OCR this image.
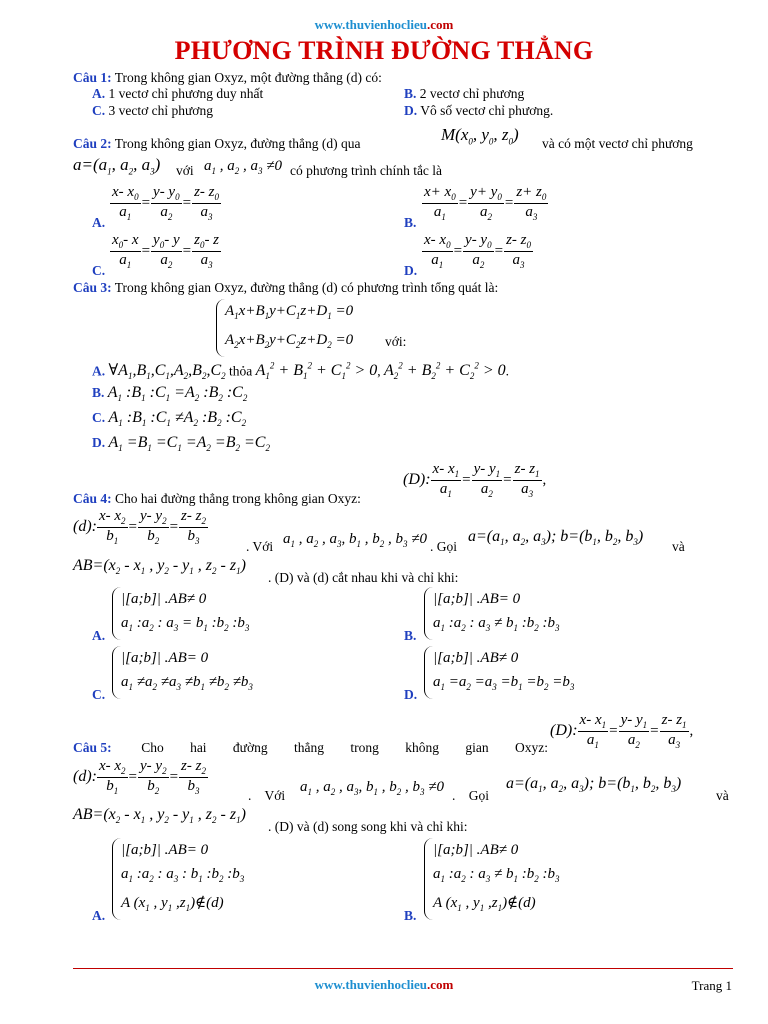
www.thuvienhoclieu.com
PHƯƠNG TRÌNH ĐƯỜNG THẲNG
Câu 1: Trong không gian Oxyz, một đường thẳng (d) có:
A. 1 vectơ chỉ phương duy nhất	B. 2 vectơ chỉ phương
C. 3 vectơ chỉ phương	D. Vô số vectơ chỉ phương.
Câu 2: Trong không gian Oxyz, đường thẳng (d) qua	$M(x_0$, $y_0$, $z_0$) và có một vectơ chỉ phương
$a=(a_1$, $a_2$, $a_3$) với $a_1$ , $a_2$ , $a_3 \ne 0$ có phương trình chính tắc là
A.
$\frac{x- x_0}{a_1} = \frac{y- y_0}{a_2} = \frac{z- z_0}{a_3}$
B.
$\frac{x+ x_0}{a_1} = \frac{y+ y_0}{a_2} = \frac{z+ z_0}{a_3}$
C.
$\frac{x_0- x}{a_1} = \frac{y_0- y}{a_2} = \frac{z_0- z}{a_3}$
D.
$\frac{x- x_0}{a_1} = \frac{y- y_0}{a_2} = \frac{z- z_0}{a_3}$
Câu 3: Trong không gian Oxyz, đường thẳng (d) có phương trình tổng quát là:
$A_1x+B_1y+C_1z+D_1 =0$
$A_2x+B_2y+C_2z+D_2 =0$ với:
A. $\forall A_1,B_1,C_1,A_2,B_2,C_2$ thỏa $A_1^2 + B_1^2 + C_1^2 > 0$, $A_2^2 + B_2^2 + C_2^2 > 0$.
B. $A_1$ $:B_1$ $:C_1 =A_2$ $:B_2$ $:C_2$
C. $A_1$ $:B_1$ $:C_1 \ne A_2$ $:B_2$ $:C_2$
D. $A_1 =B_1 =C_1 =A_2 =B_2 =C_2$
(D): $\frac{x- x_1}{a_1} = \frac{y- y_1}{a_2} = \frac{z- z_1}{a_3}$ ,
Câu 4: Cho hai đường thẳng trong không gian Oxyz:
(d): $\frac{x- x_2}{b_1} = \frac{y- y_2}{b_2} = \frac{z- z_2}{b_3}$
. Với $a_1$ , $a_2$ , $a_3$, $b_1$ , $b_2$ , $b_3 \ne 0$ . Gọi
$a=(a_1$, $a_2$, $a_3$); $b=(b_1$, $b_2$, $b_3$)
và
$AB=(x_2 - x_1$ , $y_2 - y_1$ , $z_2 - z_1$)
. (D) và (d) cắt nhau khi và chỉ khi:
A.
|[a;b]| .AB≠ 0
$a_1$ $:a_2$ : $a_3 = b_1$ $:b_2$ $:b_3$	B.
|[a;b]| .AB= 0
$a_1$ $:a_2$ : $a_3 \ne b_1$ $:b_2$ $:b_3$
C.
|[a;b]| .AB= 0
$a_1 \ne a_2 \ne a_3 \ne b_1 \ne b_2 \ne b_3$	D.
|[a;b]| .AB≠ 0
$a_1 =a_2 =a_3 =b_1 =b_2 =b_3$
(D): $\frac{x- x_1}{a_1} = \frac{y- y_1}{a_2} = \frac{z- z_1}{a_3}$ ,
Câu 5: Cho hai đường thẳng trong không gian Oxyz:
(d): $\frac{x- x_2}{b_1} = \frac{y- y_2}{b_2} = \frac{z- z_2}{b_3}$	. Với
$a_1$ , $a_2$ , $a_3$, $b_1$ , $b_2$ , $b_3 \ne 0$
. Gọi
$a=(a_1$, $a_2$, $a_3$); $b=(b_1$, $b_2$, $b_3$)
và
$AB=(x_2 - x_1$ , $y_2 - y_1$ , $z_2 - z_1$)
. (D) và (d) song song khi và chỉ khi:
A.
|[a;b]| .AB= 0
$a_1$ $:a_2$ : $a_3$ : $b_1$ $:b_2$ $:b_3$
A ($x_1$ , $y_1$ $,z_1)\notin(d)$
B.
|[a;b]| .AB≠ 0
$a_1$ $:a_2$ : $a_3 \ne b_1$ $:b_2$ $:b_3$
A ($x_1$ , $y_1$ $,z_1)\notin(d)$
www.thuvienhoclieu.com	Trang 1
